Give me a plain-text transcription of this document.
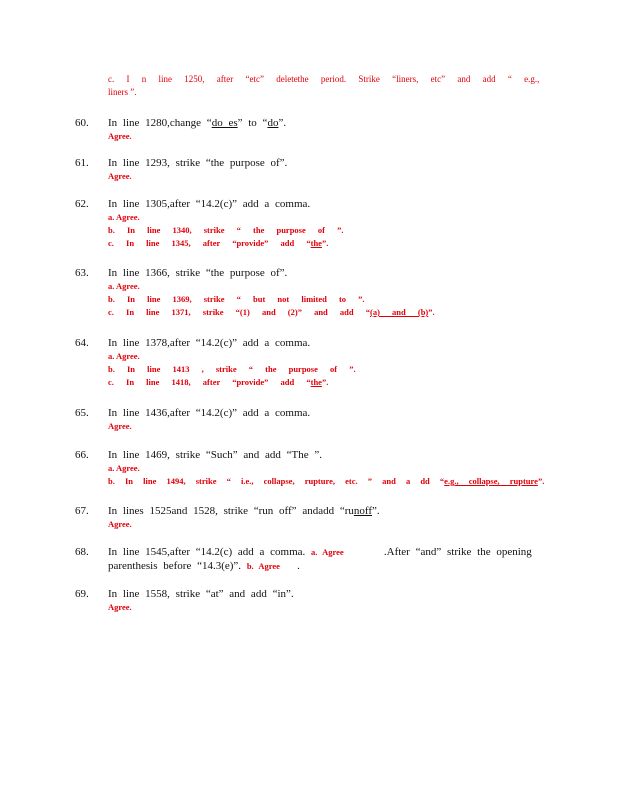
c. I n line 1250, after “etc” deletethe period. Strike “liners, etc” and add “ e.g.,
liners ”.
60. In line 1280,change “do es” to “do”.
Agree.
61. In line 1293, strike “the purpose of”.
Agree.
62. In line 1305,after “14.2(c)” add a comma.
a. Agree.
b. In line 1340, strike “ the purpose of ”.
c. In line 1345, after “provide” add “the”.
63. In line 1366, strike “the purpose of”.
a. Agree.
b. In line 1369, strike “ but not limited to ”.
c. In line 1371, strike “(1) and (2)” and add “(a) and (b)”.
64. In line 1378,after “14.2(c)” add a comma.
a. Agree.
b. In line 1413 , strike “ the purpose of ”.
c. In line 1418, after “provide” add “the”.
65. In line 1436,after “14.2(c)” add a comma.
Agree.
66. In line 1469, strike “Such” and add “The ”.
a. Agree.
b. In line 1494, strike “ i.e., collapse, rupture, etc. ” and a dd “e.g., collapse, rupture”.
67. In lines 1525and 1528, strike “run off” andadd “runoff”.
Agree.
68. In line 1545,after “14.2(c) add a comma. a. Agree	.After “and” strike the opening
parenthesis before “14.3(e)”. b. Agree .
69. In line 1558, strike “at” and add “in”.
Agree.
